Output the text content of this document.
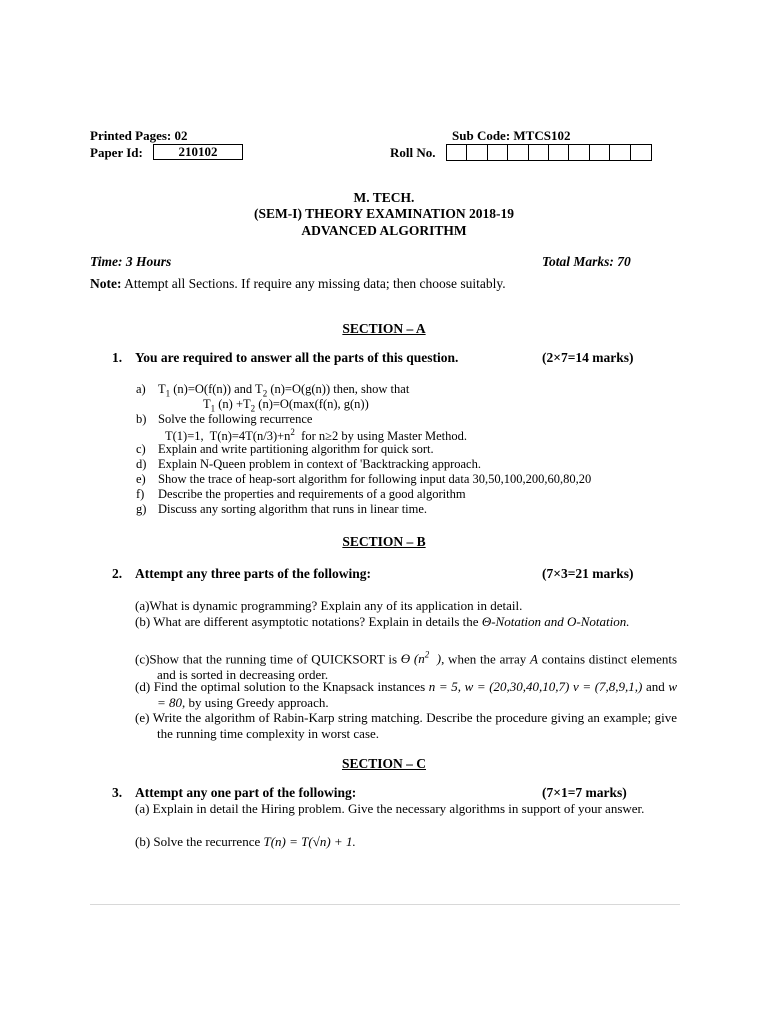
Printed Pages: 02	Sub Code: MTCS102
Paper Id:	210102	Roll No.
M. TECH.
(SEM-I) THEORY EXAMINATION 2018-19
ADVANCED ALGORITHM
Time: 3 Hours	Total Marks: 70
Note: Attempt all Sections. If require any missing data; then choose suitably.
SECTION – A
1. You are required to answer all the parts of this question.	(2×7=14 marks)
a) $T_1$ (n)=O(f(n)) and $T_2$ (n)=O(g(n)) then, show that
$T_1$ $(n) +T_2$ (n)=O(max(f(n), g(n))
b) Solve the following recurrence
T(1)=1,  $T(n)=4T(n/3)+n^2$  for n≥2 by using Master Method.
c) Explain and write partitioning algorithm for quick sort.
d) Explain N-Queen problem in context of 'Backtracking approach.
e) Show the trace of heap-sort algorithm for following input data 30,50,100,200,60,80,20
f) Describe the properties and requirements of a good algorithm
g) Discuss any sorting algorithm that runs in linear time.
SECTION – B
2. Attempt any three parts of the following:	(7×3=21 marks)
(a)What is dynamic programming? Explain any of its application in detail.
(b) What are different asymptotic notations? Explain in details the Θ-Notation and O-Notation.
(c)Show that the running time of QUICKSORT is ϴ ($n^2$  ), when the array A contains distinct elements and is sorted in decreasing order.
(d) Find the optimal solution to the Knapsack instances n = 5, w = (20,30,40,10,7) v = (7,8,9,1,) and w = 80, by using Greedy approach.
(e) Write the algorithm of Rabin-Karp string matching. Describe the procedure giving an example; give the running time complexity in worst case.
SECTION – C
3. Attempt any one part of the following:	(7×1=7 marks)
(a) Explain in detail the Hiring problem. Give the necessary algorithms in support of your answer.
(b) Solve the recurrence T(n) = T(√n) + 1.
